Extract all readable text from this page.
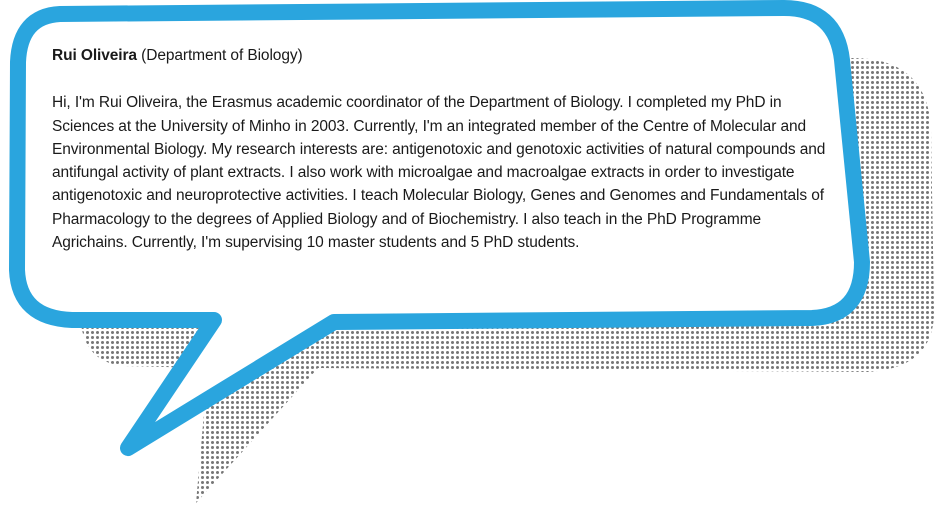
Rui Oliveira (Department of Biology)

Hi, I'm Rui Oliveira, the Erasmus academic coordinator of the Department of Biology. I completed my PhD in Sciences at the University of Minho in 2003. Currently, I'm an integrated member of the Centre of Molecular and Environmental Biology. My research interests are: antigenotoxic and genotoxic activities of natural compounds and antifungal activity of plant extracts. I also work with microalgae and macroalgae extracts in order to investigate antigenotoxic and neuroprotective activities. I teach Molecular Biology, Genes and Genomes and Fundamentals of Pharmacology to the degrees of Applied Biology and of Biochemistry. I also teach in the PhD Programme Agrichains. Currently, I'm supervising 10 master students and 5 PhD students.
